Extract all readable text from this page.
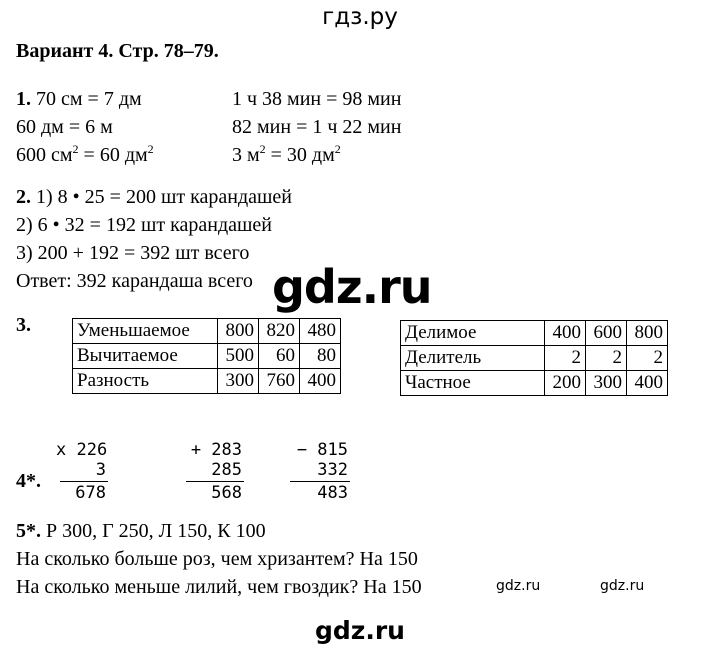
гдз.ру
Вариант 4. Стр. 78–79.
1. 70 см = 7 дм
60 дм = 6 м
600 $см^2 = 60$ $дм^2$
1 ч 38 мин = 98 мин
82 мин = 1 ч 22 мин
3 $м^2 = 30$ $дм^2$
2. 1) 8 • 25 = 200 шт карандашей
2) 6 • 32 = 192 шт карандашей
3) 200 + 192 = 392 шт всего
Ответ: 392 карандаша всего gdz.ru
3. Уменьшаемое	800	820	480
Вычитаемое	500	60	80
Разность	300	760	400
Делимое	400	600	800
Делитель	2	2	2
Частное	200	300	400
4*.
x 226
3
678
+ 283
285
568
− 815
332
483
5*. Р 300, Г 250, Л 150, К 100
На сколько больше роз, чем хризантем? На 150
На сколько меньше лилий, чем гвоздик? На 150	gdz.ru	gdz.ru
gdz.ru
